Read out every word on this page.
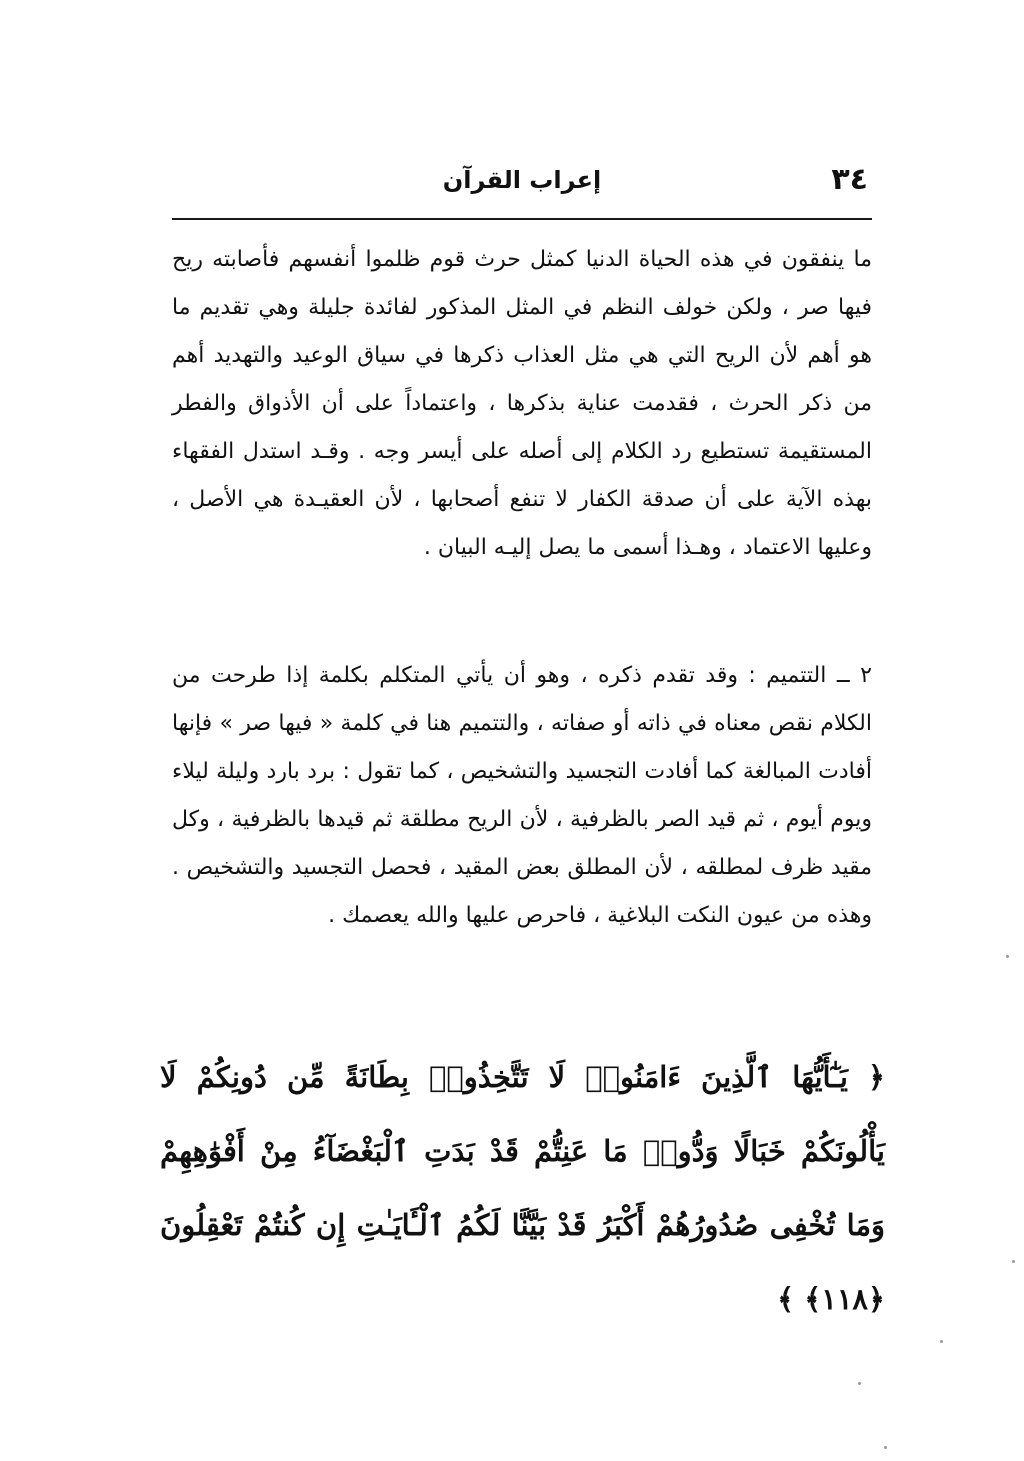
٣٤
إعراب القرآن

ما ينفقون في هذه الحياة الدنيا كمثل حرث قوم ظلموا أنفسهم فأصابته ريح فيها صر ، ولكن خولف النظم في المثل المذكور لفائدة جليلة وهي تقديم ما هو أهم لأن الريح التي هي مثل العذاب ذكرها في سياق الوعيد والتهديد أهم من ذكر الحرث ، فقدمت عناية بذكرها ، واعتماداً على أن الأذواق والفطر المستقيمة تستطيع رد الكلام إلى أصله على أيسر وجه . وقـد استدل الفقهاء بهذه الآية على أن صدقة الكفار لا تنفع أصحابها ، لأن العقيـدة هي الأصل ، وعليها الاعتماد ، وهـذا أسمى ما يصل إليـه البيان .

٢ ــ التتميم : وقد تقدم ذكره ، وهو أن يأتي المتكلم بكلمة إذا طرحت من الكلام نقص معناه في ذاته أو صفاته ، والتتميم هنا في كلمة « فيها صر » فإنها أفادت المبالغة كما أفادت التجسيد والتشخيص ، كما تقول : برد بارد وليلة ليلاء ويوم أيوم ، ثم قيد الصر بالظرفية ، لأن الريح مطلقة ثم قيدها بالظرفية ، وكل مقيد ظرف لمطلقه ، لأن المطلق بعض المقيد ، فحصل التجسيد والتشخيص . وهذه من عيون النكت البلاغية ، فاحرص عليها والله يعصمك .

﴿ يَـٰٓأَيُّهَا ٱلَّذِينَ ءَامَنُوا۟ لَا تَتَّخِذُوا۟ بِطَانَةً مِّن دُونِكُمْ لَا يَأْلُونَكُمْ خَبَالًا وَدُّوا۟ مَا عَنِتُّمْ قَدْ بَدَتِ ٱلْبَغْضَآءُ مِنْ أَفْوَٰهِهِمْ وَمَا تُخْفِى صُدُورُهُمْ أَكْبَرُ قَدْ بَيَّنَّا لَكُمُ ٱلْـَٔايَـٰتِ إِن كُنتُمْ تَعْقِلُونَ ﴿١١٨﴾ ﴾
